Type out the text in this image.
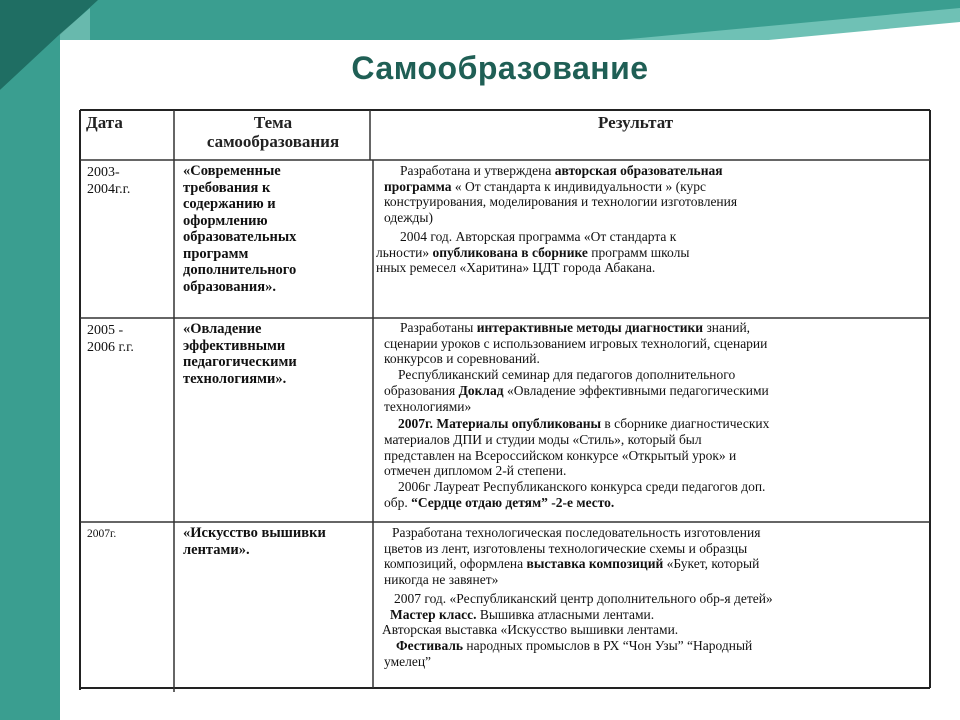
Самообразование
Дата	Тема
самообразования
Результат
2003-
2004г.г.
«Современные
требования к
содержанию и
оформлению
образовательных
программ
дополнительного
образования».
Разработана и утверждена авторская образовательная
программа « От стандарта к индивидуальности » (курс
конструирования, моделирования и технологии изготовления
одежды)
2004 год. Авторская программа «От стандарта к
льности» опубликована в сборнике программ школы
нных ремесел «Харитина» ЦДТ города Абакана.
2005 -
2006 г.г.
«Овладение
эффективными
педагогическими
технологиями».
Разработаны интерактивные методы диагностики знаний,
сценарии уроков с использованием игровых технологий, сценарии
конкурсов и соревнований.
Республиканский семинар для педагогов дополнительного
образования Доклад «Овладение эффективными педагогическими
технологиями»
2007г. Материалы опубликованы в сборнике диагностических
материалов ДПИ и студии моды «Стиль», который был
представлен на Всероссийском конкурсе «Открытый урок» и
отмечен дипломом 2-й степени.
2006г Лауреат Республиканского конкурса среди педагогов доп.
обр. “Сердце отдаю детям” -2-е место.
2007г.	«Искусство вышивки
лентами».
Разработана технологическая последовательность изготовления
цветов из лент, изготовлены технологические схемы и образцы
композиций, оформлена выставка композиций «Букет, который
никогда не завянет»
2007 год. «Республиканский центр дополнительного обр-я детей»
Мастер класс. Вышивка атласными лентами.
Авторская выставка «Искусство вышивки лентами.
Фестиваль народных промыслов в РХ “Чон Узы” “Народный
умелец”
